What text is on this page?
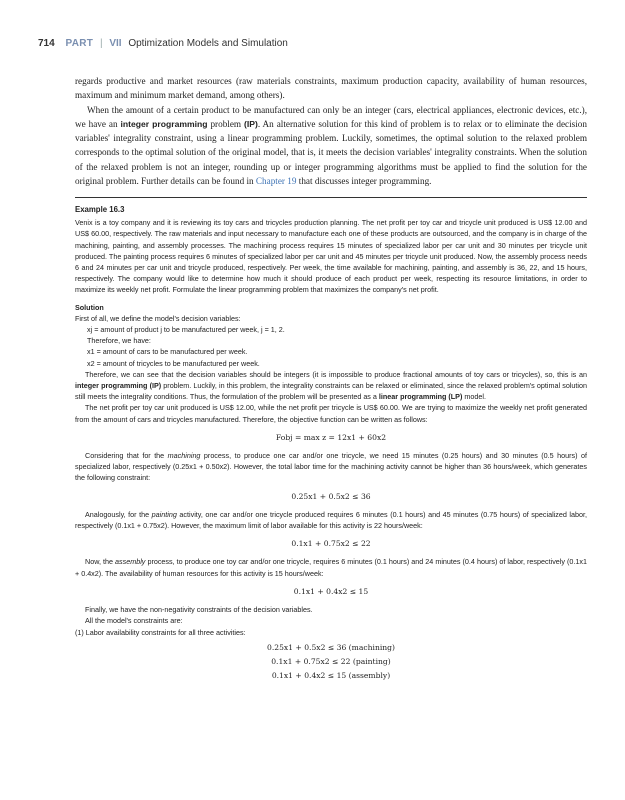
714 PART | VII Optimization Models and Simulation

regards productive and market resources (raw materials constraints, maximum production capacity, availability of human resources, maximum and minimum market demand, among others).

When the amount of a certain product to be manufactured can only be an integer (cars, electrical appliances, electronic devices, etc.), we have an integer programming problem (IP). An alternative solution for this kind of problem is to relax or to eliminate the decision variables' integrality constraint, using a linear programming problem. Luckily, sometimes, the optimal solution to the relaxed problem corresponds to the optimal solution of the original model, that is, it meets the decision variables' integrality constraints. When the solution of the relaxed problem is not an integer, rounding up or integer programming algorithms must be applied to find the solution for the original problem. Further details can be found in Chapter 19 that discusses integer programming.

Example 16.3

Venix is a toy company and it is reviewing its toy cars and tricycles production planning. The net profit per toy car and tricycle unit produced is US$ 12.00 and US$ 60.00, respectively. The raw materials and input necessary to manufacture each one of these products are outsourced, and the company is in charge of the machining, painting, and assembly processes. The machining process requires 15 minutes of specialized labor per car unit and 30 minutes per tricycle unit produced. The painting process requires 6 minutes of specialized labor per car unit and 45 minutes per tricycle unit produced. Now, the assembly process needs 6 and 24 minutes per car unit and tricycle produced, respectively. Per week, the time available for machining, painting, and assembly is 36, 22, and 15 hours, respectively. The company would like to determine how much it should produce of each product per week, respecting its resource limitations, in order to maximize its weekly net profit. Formulate the linear programming problem that maximizes the company's net profit.

Solution

First of all, we define the model's decision variables:

xj = amount of product j to be manufactured per week, j = 1, 2.

Therefore, we have:

x1 = amount of cars to be manufactured per week.

x2 = amount of tricycles to be manufactured per week.

Therefore, we can see that the decision variables should be integers (it is impossible to produce fractional amounts of toy cars or tricycles), so, this is an integer programming (IP) problem. Luckily, in this problem, the integrality constraints can be relaxed or eliminated, since the relaxed problem's optimal solution still meets the integrality conditions. Thus, the formulation of the problem will be presented as a linear programming (LP) model.

The net profit per toy car unit produced is US$ 12.00, while the net profit per tricycle is US$ 60.00. We are trying to maximize the weekly net profit generated from the amount of cars and tricycles manufactured. Therefore, the objective function can be written as follows:

Fobj = max z = 12x1 + 60x2

Considering that for the machining process, to produce one car and/or one tricycle, we need 15 minutes (0.25 hours) and 30 minutes (0.5 hours) of specialized labor, respectively (0.25x1 + 0.50x2). However, the total labor time for the machining activity cannot be higher than 36 hours/week, which generates the following constraint:

0.25x1 + 0.5x2 ≤ 36

Analogously, for the painting activity, one car and/or one tricycle produced requires 6 minutes (0.1 hours) and 45 minutes (0.75 hours) of specialized labor, respectively (0.1x1 + 0.75x2). However, the maximum limit of labor available for this activity is 22 hours/week:

0.1x1 + 0.75x2 ≤ 22

Now, the assembly process, to produce one toy car and/or one tricycle, requires 6 minutes (0.1 hours) and 24 minutes (0.4 hours) of labor, respectively (0.1x1 + 0.4x2). The availability of human resources for this activity is 15 hours/week:

0.1x1 + 0.4x2 ≤ 15

Finally, we have the non-negativity constraints of the decision variables.

All the model's constraints are:

(1) Labor availability constraints for all three activities:

0.25x1 + 0.5x2 ≤ 36 (machining)

0.1x1 + 0.75x2 ≤ 22 (painting)

0.1x1 + 0.4x2 ≤ 15 (assembly)
